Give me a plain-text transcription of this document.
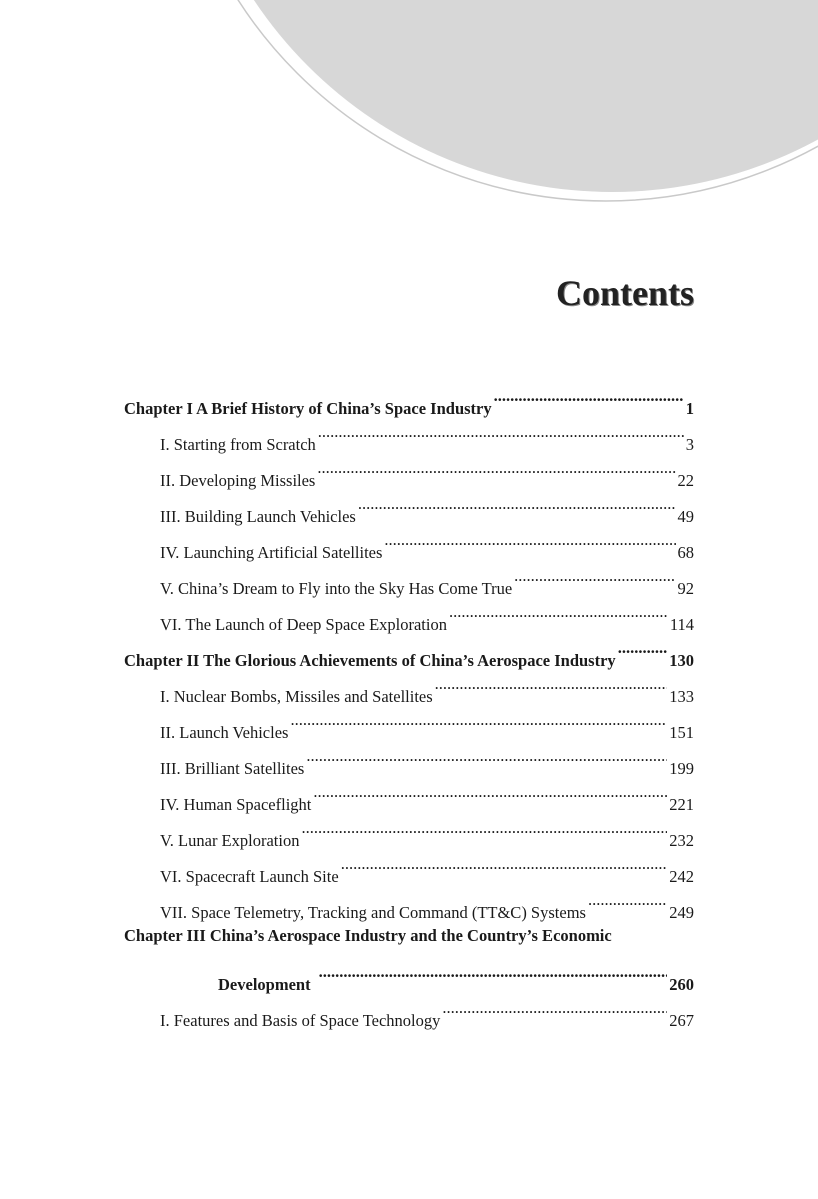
Contents
Chapter I A Brief History of China’s Space Industry .....	1
I. Starting from Scratch .....	3
II. Developing Missiles .....	22
III. Building Launch Vehicles .....	49
IV. Launching Artificial Satellites .....	68
V. China’s Dream to Fly into the Sky Has Come True .....	92
VI. The Launch of Deep Space Exploration .....	114
Chapter II The Glorious Achievements of China’s Aerospace Industry .....	130
I. Nuclear Bombs, Missiles and Satellites .....	133
II. Launch Vehicles .....	151
III. Brilliant Satellites .....	199
IV. Human Spaceflight .....	221
V. Lunar Exploration .....	232
VI. Spacecraft Launch Site .....	242
VII. Space Telemetry, Tracking and Command (TT&C) Systems .....	249
Chapter III China’s Aerospace Industry and the Country’s Economic
Development .....	260
I. Features and Basis of Space Technology .....	267
